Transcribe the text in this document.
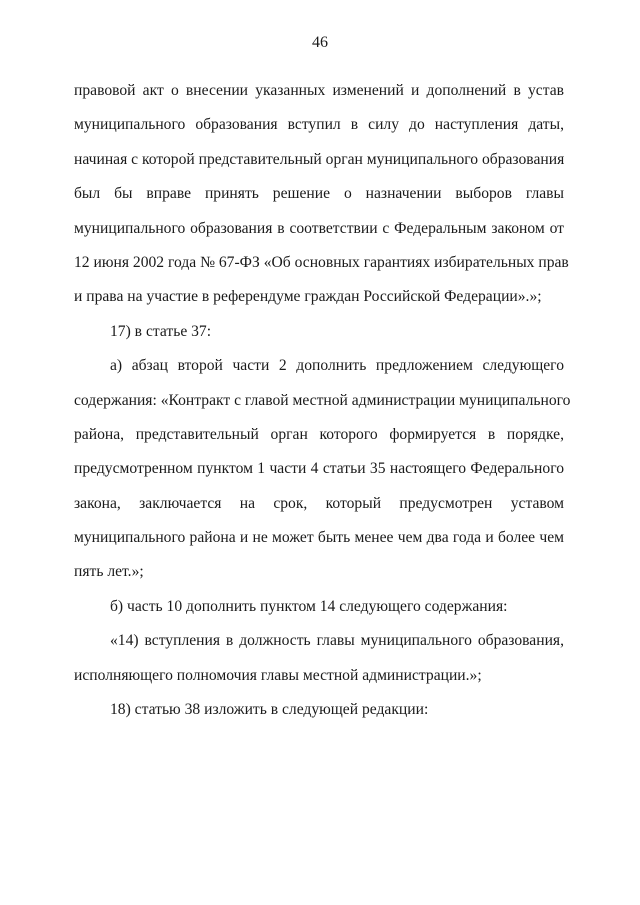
46
правовой акт о внесении указанных изменений и дополнений в устав
муниципального образования вступил в силу до наступления даты,
начиная с которой представительный орган муниципального образования
был бы вправе принять решение о назначении выборов главы
муниципального образования в соответствии с Федеральным законом от
12 июня 2002 года № 67-ФЗ «Об основных гарантиях избирательных прав
и права на участие в референдуме граждан Российской Федерации».»;
17) в статье 37:
а) абзац второй части 2 дополнить предложением следующего
содержания: «Контракт с главой местной администрации муниципального
района, представительный орган которого формируется в порядке,
предусмотренном пунктом 1 части 4 статьи 35 настоящего Федерального
закона, заключается на срок, который предусмотрен уставом
муниципального района и не может быть менее чем два года и более чем
пять лет.»;
б) часть 10 дополнить пунктом 14 следующего содержания:
«14) вступления в должность главы муниципального образования,
исполняющего полномочия главы местной администрации.»;
18) статью 38 изложить в следующей редакции:
